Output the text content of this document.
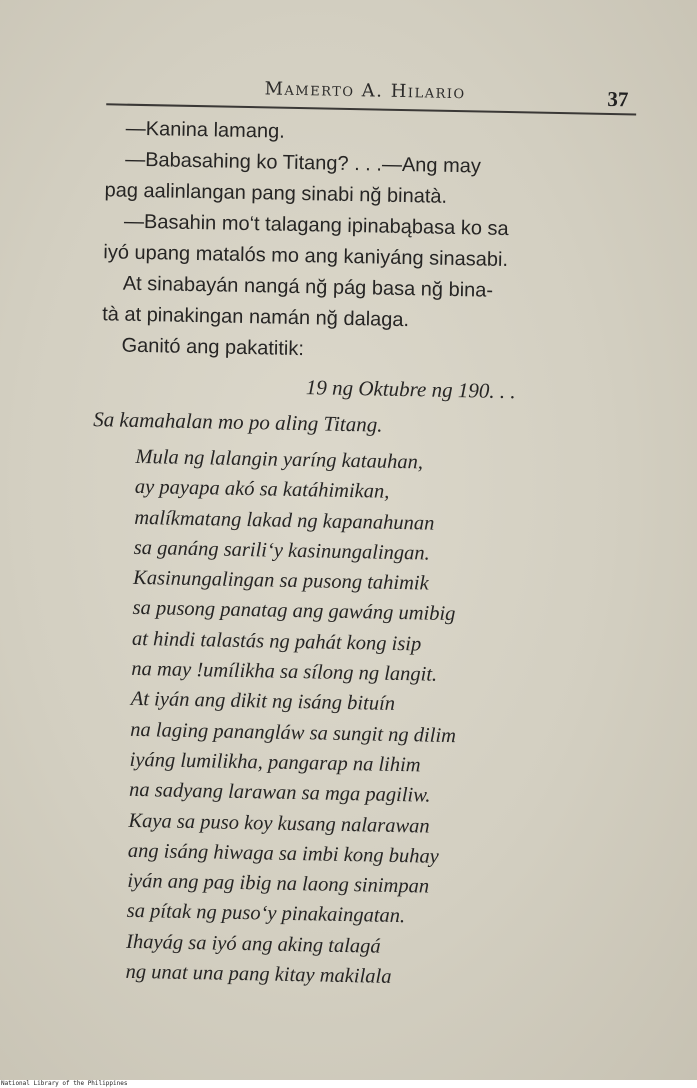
Mamerto A. Hilario	37
—Kanina lamang.
—Babasahing ko Titang? . . .—Ang may
pag aalinlangan pang sinabi nğ binatà.
—Basahin mo‘t talagang ipinabąbasa ko sa
iyó upang matalós mo ang kaniyáng sinasabi.
At sinabayán nangá nğ pág basa nğ bina-
tà at pinakingan namán nğ dalaga.
Ganitó ang pakatitik:
19 ng Oktubre ng 190. . .
Sa kamahalan mo po aling Titang.
Mula ng lalangin yaríng katauhan,
ay payapa akó sa katáhimikan,
malíkmatang lakad ng kapanahunan
sa ganáng sarili‘y kasinungalingan.
Kasinungalingan sa pusong tahimik
sa pusong panatag ang gawáng umibig
at hindi talastás ng pahát kong isip
na may !umílikha sa sílong ng langit.
At iyán ang dikit ng isáng bituín
na laging panangláw sa sungit ng dilim
iyáng lumilikha, pangarap na lihim
na sadyang larawan sa mga pagiliw.
Kaya sa puso koy kusang nalarawan
ang isáng hiwaga sa imbi kong buhay
iyán ang pag ibig na laong sinimpan
sa pítak ng puso‘y pinakaingatan.
Ihayág sa iyó ang aking talagá
ng unat una pang kitay makilala
National Library of the Philippines
